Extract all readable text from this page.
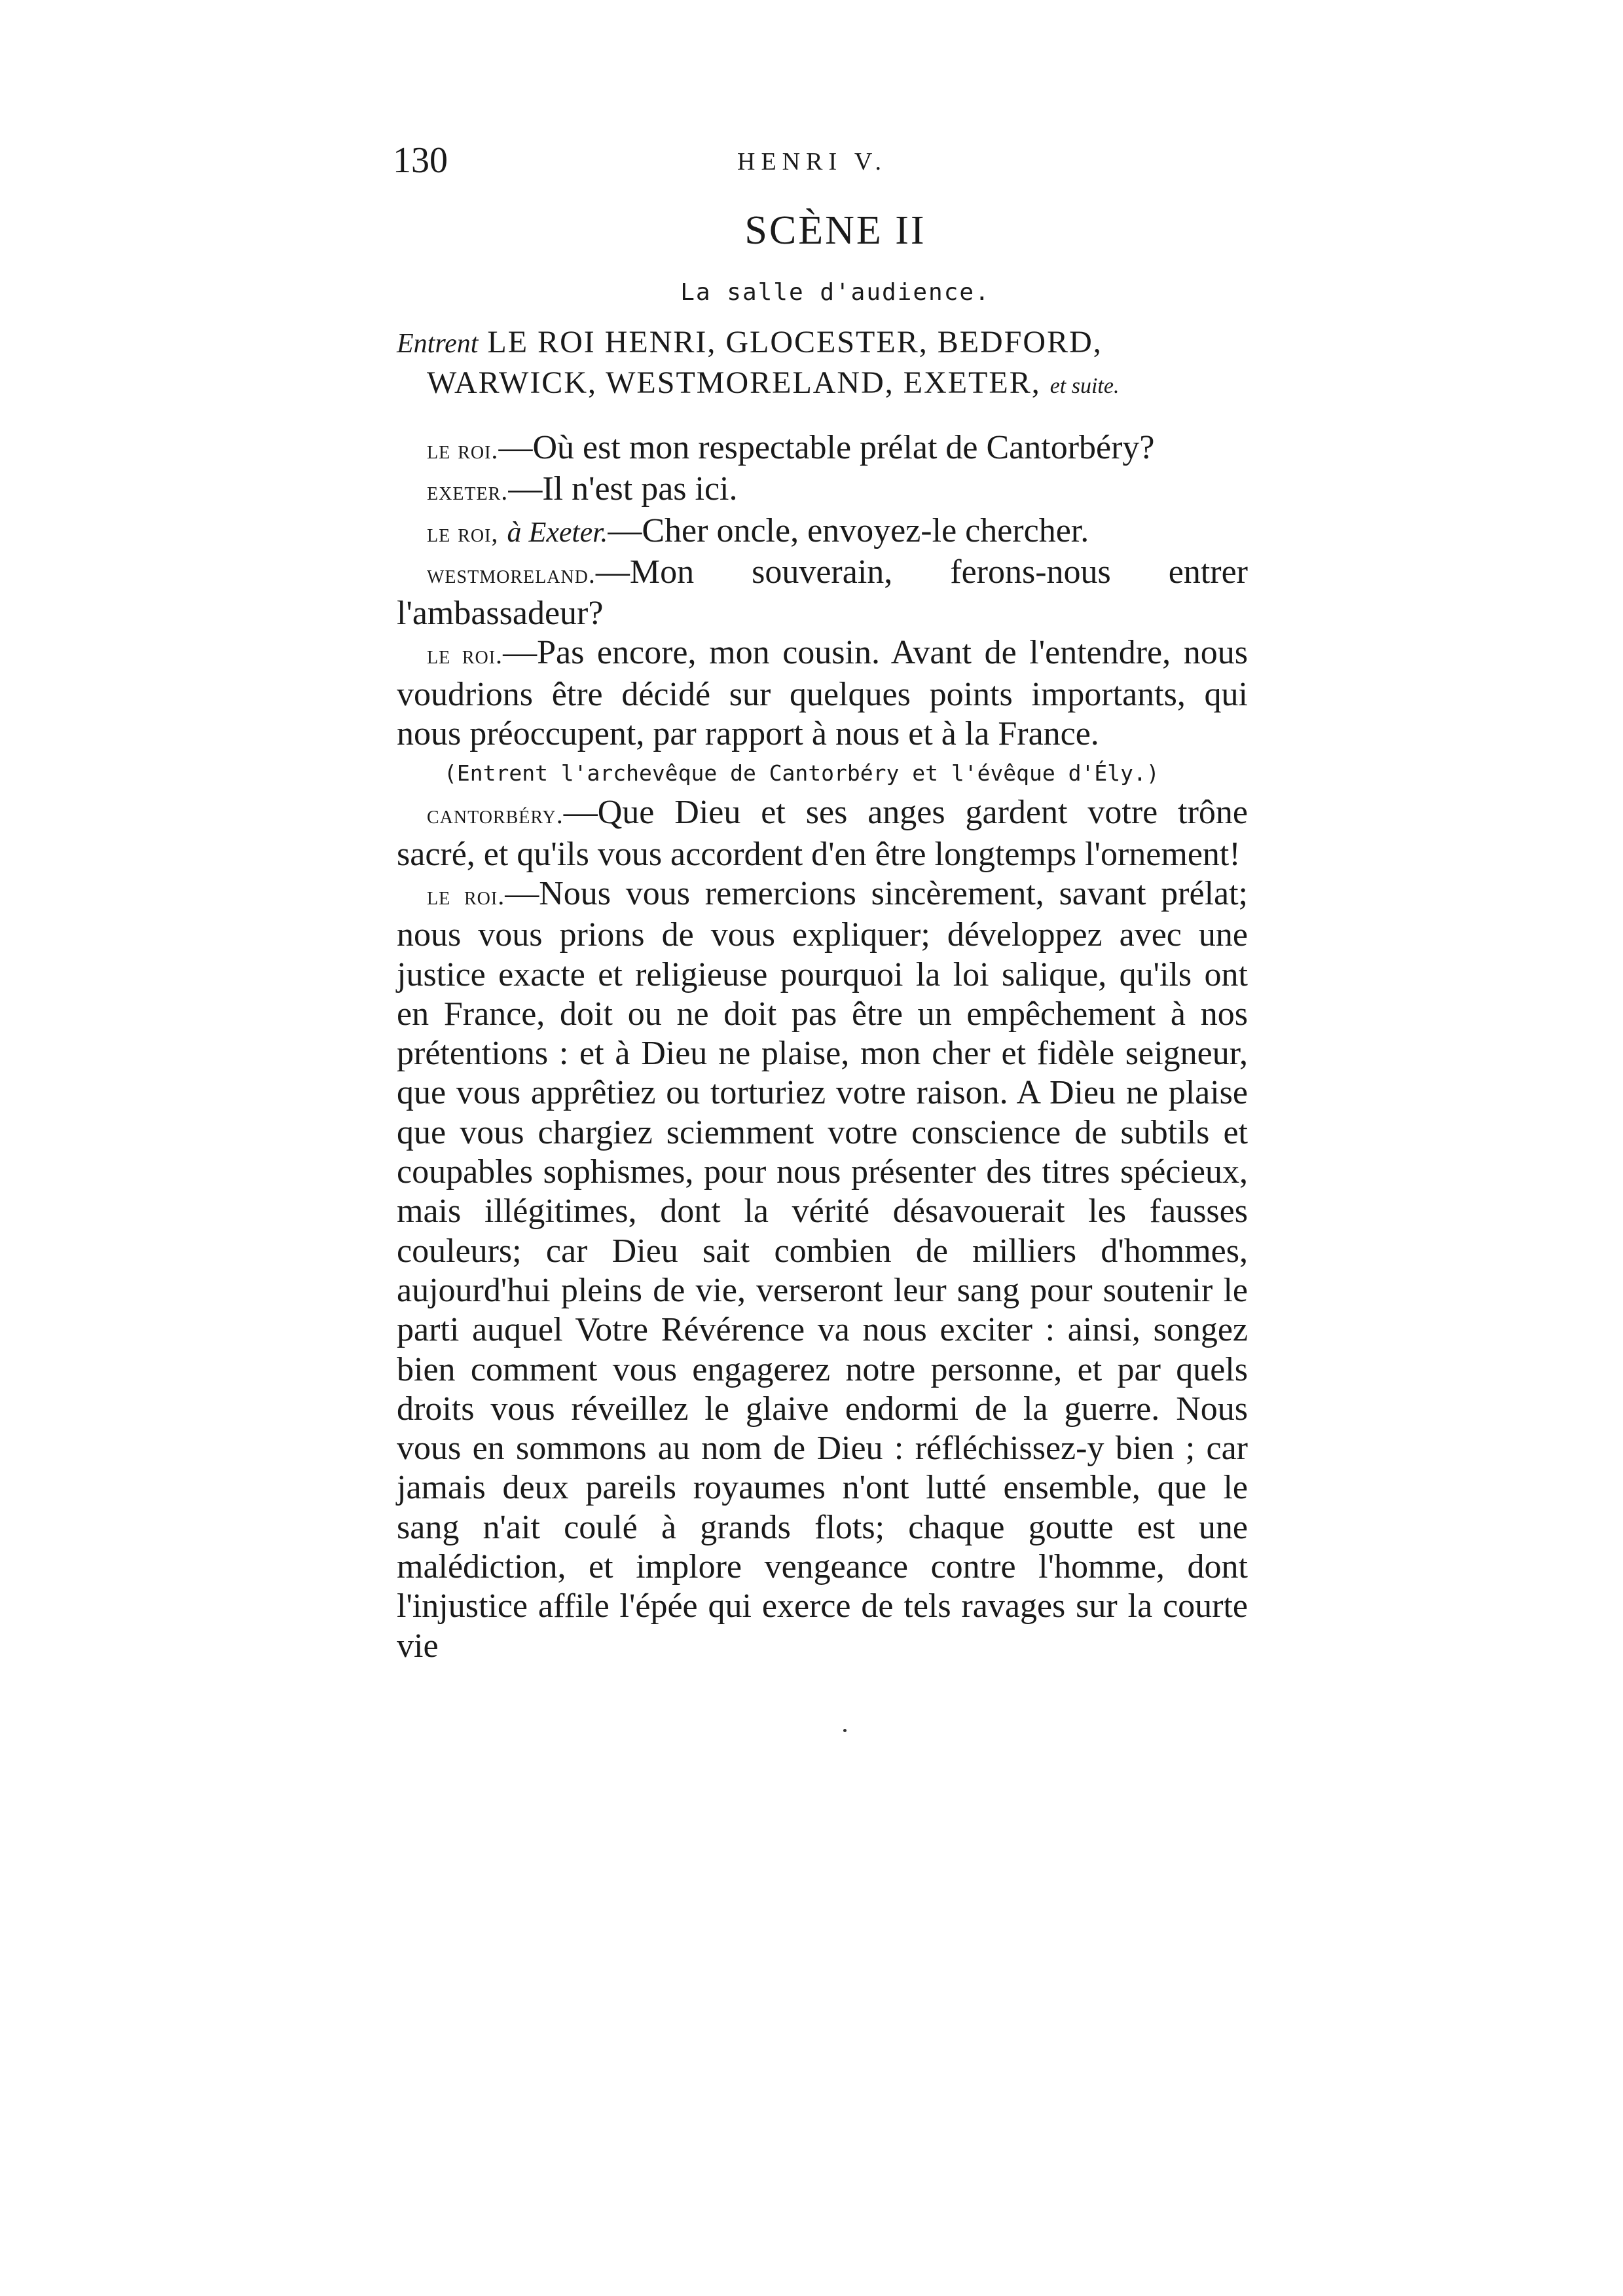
130	HENRI V.
SCÈNE II
La salle d'audience.
Entrent LE ROI HENRI, GLOCESTER, BEDFORD,
WARWICK, WESTMORELAND, EXETER, et suite.

le roi.—Où est mon respectable prélat de Cantorbéry?

exeter.—Il n'est pas ici.

le roi, à Exeter.—Cher oncle, envoyez-le chercher.

westmoreland.—Mon souverain, ferons-nous entrer l'ambassadeur?

le roi.—Pas encore, mon cousin. Avant de l'entendre, nous voudrions être décidé sur quelques points importants, qui nous préoccupent, par rapport à nous et à la France.

(Entrent l'archevêque de Cantorbéry et l'évêque d'Ély.)

cantorbéry.—Que Dieu et ses anges gardent votre trône sacré, et qu'ils vous accordent d'en être longtemps l'ornement!

le roi.—Nous vous remercions sincèrement, savant prélat; nous vous prions de vous expliquer; développez avec une justice exacte et religieuse pourquoi la loi salique, qu'ils ont en France, doit ou ne doit pas être un empêchement à nos prétentions : et à Dieu ne plaise, mon cher et fidèle seigneur, que vous apprêtiez ou torturiez votre raison. A Dieu ne plaise que vous chargiez sciemment votre conscience de subtils et coupables sophismes, pour nous présenter des titres spécieux, mais illégitimes, dont la vérité désavouerait les fausses couleurs; car Dieu sait combien de milliers d'hommes, aujourd'hui pleins de vie, verseront leur sang pour soutenir le parti auquel Votre Révérence va nous exciter : ainsi, songez bien comment vous engagerez notre personne, et par quels droits vous réveillez le glaive endormi de la guerre. Nous vous en sommons au nom de Dieu : réfléchissez-y bien ; car jamais deux pareils royaumes n'ont lutté ensemble, que le sang n'ait coulé à grands flots; chaque goutte est une malédiction, et implore vengeance contre l'homme, dont l'injustice affile l'épée qui exerce de tels ravages sur la courte vie
